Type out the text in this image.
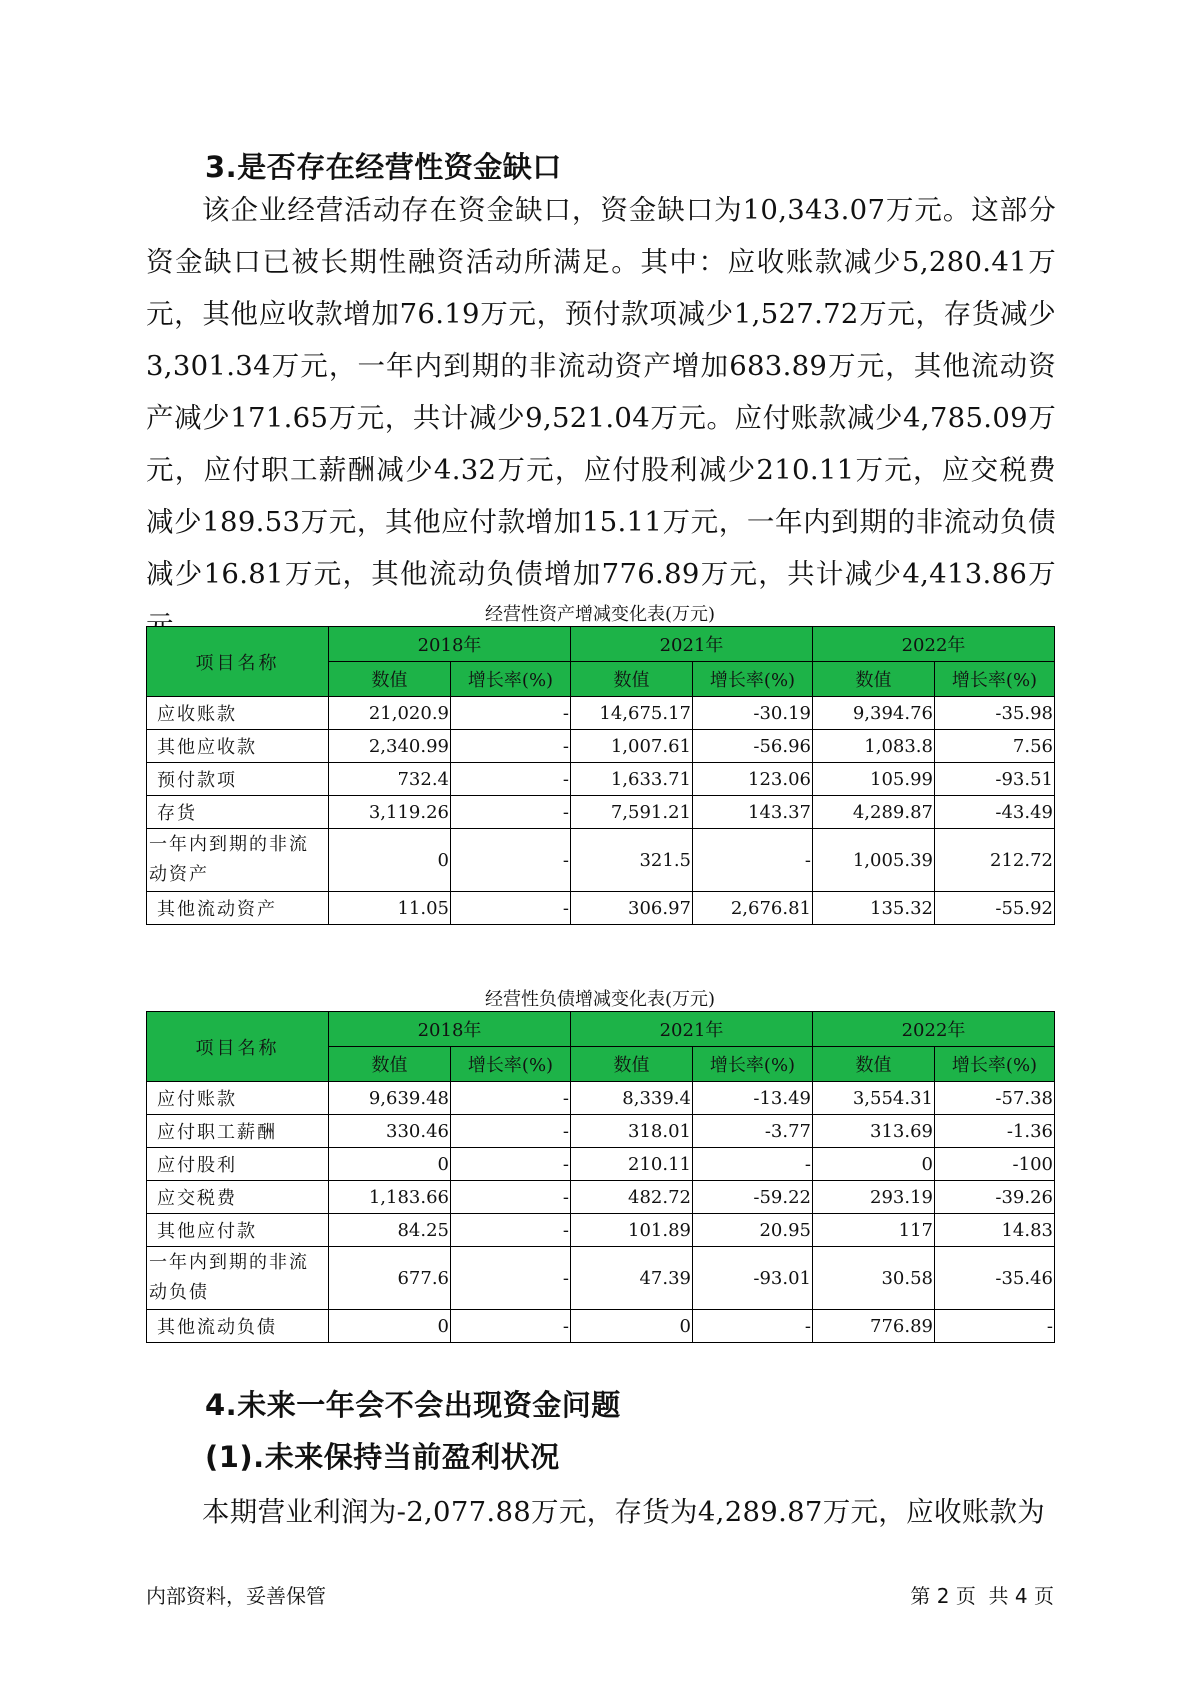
3.是否存在经营性资金缺口

该企业经营活动存在资金缺口，资金缺口为10,343.07万元。这部分资金缺口已被长期性融资活动所满足。其中：应收账款减少5,280.41万元，其他应收款增加76.19万元，预付款项减少1,527.72万元，存货减少3,301.34万元，一年内到期的非流动资产增加683.89万元，其他流动资产减少171.65万元，共计减少9,521.04万元。应付账款减少4,785.09万元，应付职工薪酬减少4.32万元，应付股利减少210.11万元，应交税费减少189.53万元，其他应付款增加15.11万元，一年内到期的非流动负债减少16.81万元，其他流动负债增加776.89万元，共计减少4,413.86万

经营性资产增减变化表(万元)
项目名称	2018年		2021年		2022年	
	数值	增长率(%)	数值	增长率(%)	数值	增长率(%)
应收账款	21,020.9	-	14,675.17	-30.19	9,394.76	-35.98
其他应收款	2,340.99	-	1,007.61	-56.96	1,083.8	7.56
预付款项	732.4	-	1,633.71	123.06	105.99	-93.51
存货	3,119.26	-	7,591.21	143.37	4,289.87	-43.49
一年内到期的非流动资产	0	-	321.5	-	1,005.39	212.72
其他流动资产	11.05	-	306.97	2,676.81	135.32	-55.92
经营性负债增减变化表(万元)
项目名称	2018年		2021年		2022年	
	数值	增长率(%)	数值	增长率(%)	数值	增长率(%)
应付账款	9,639.48	-	8,339.4	-13.49	3,554.31	-57.38
应付职工薪酬	330.46	-	318.01	-3.77	313.69	-1.36
应付股利	0	-	210.11	-	0	-100
应交税费	1,183.66	-	482.72	-59.22	293.19	-39.26
其他应付款	84.25	-	101.89	20.95	117	14.83
一年内到期的非流动负债	677.6	-	47.39	-93.01	30.58	-35.46
其他流动负债	0	-	0	-	776.89	-
4.未来一年会不会出现资金问题
(1).未来保持当前盈利状况

本期营业利润为-2,077.88万元，存货为4,289.87万元，应收账款为

内部资料，妥善保管	第 2 页  共 4 页
